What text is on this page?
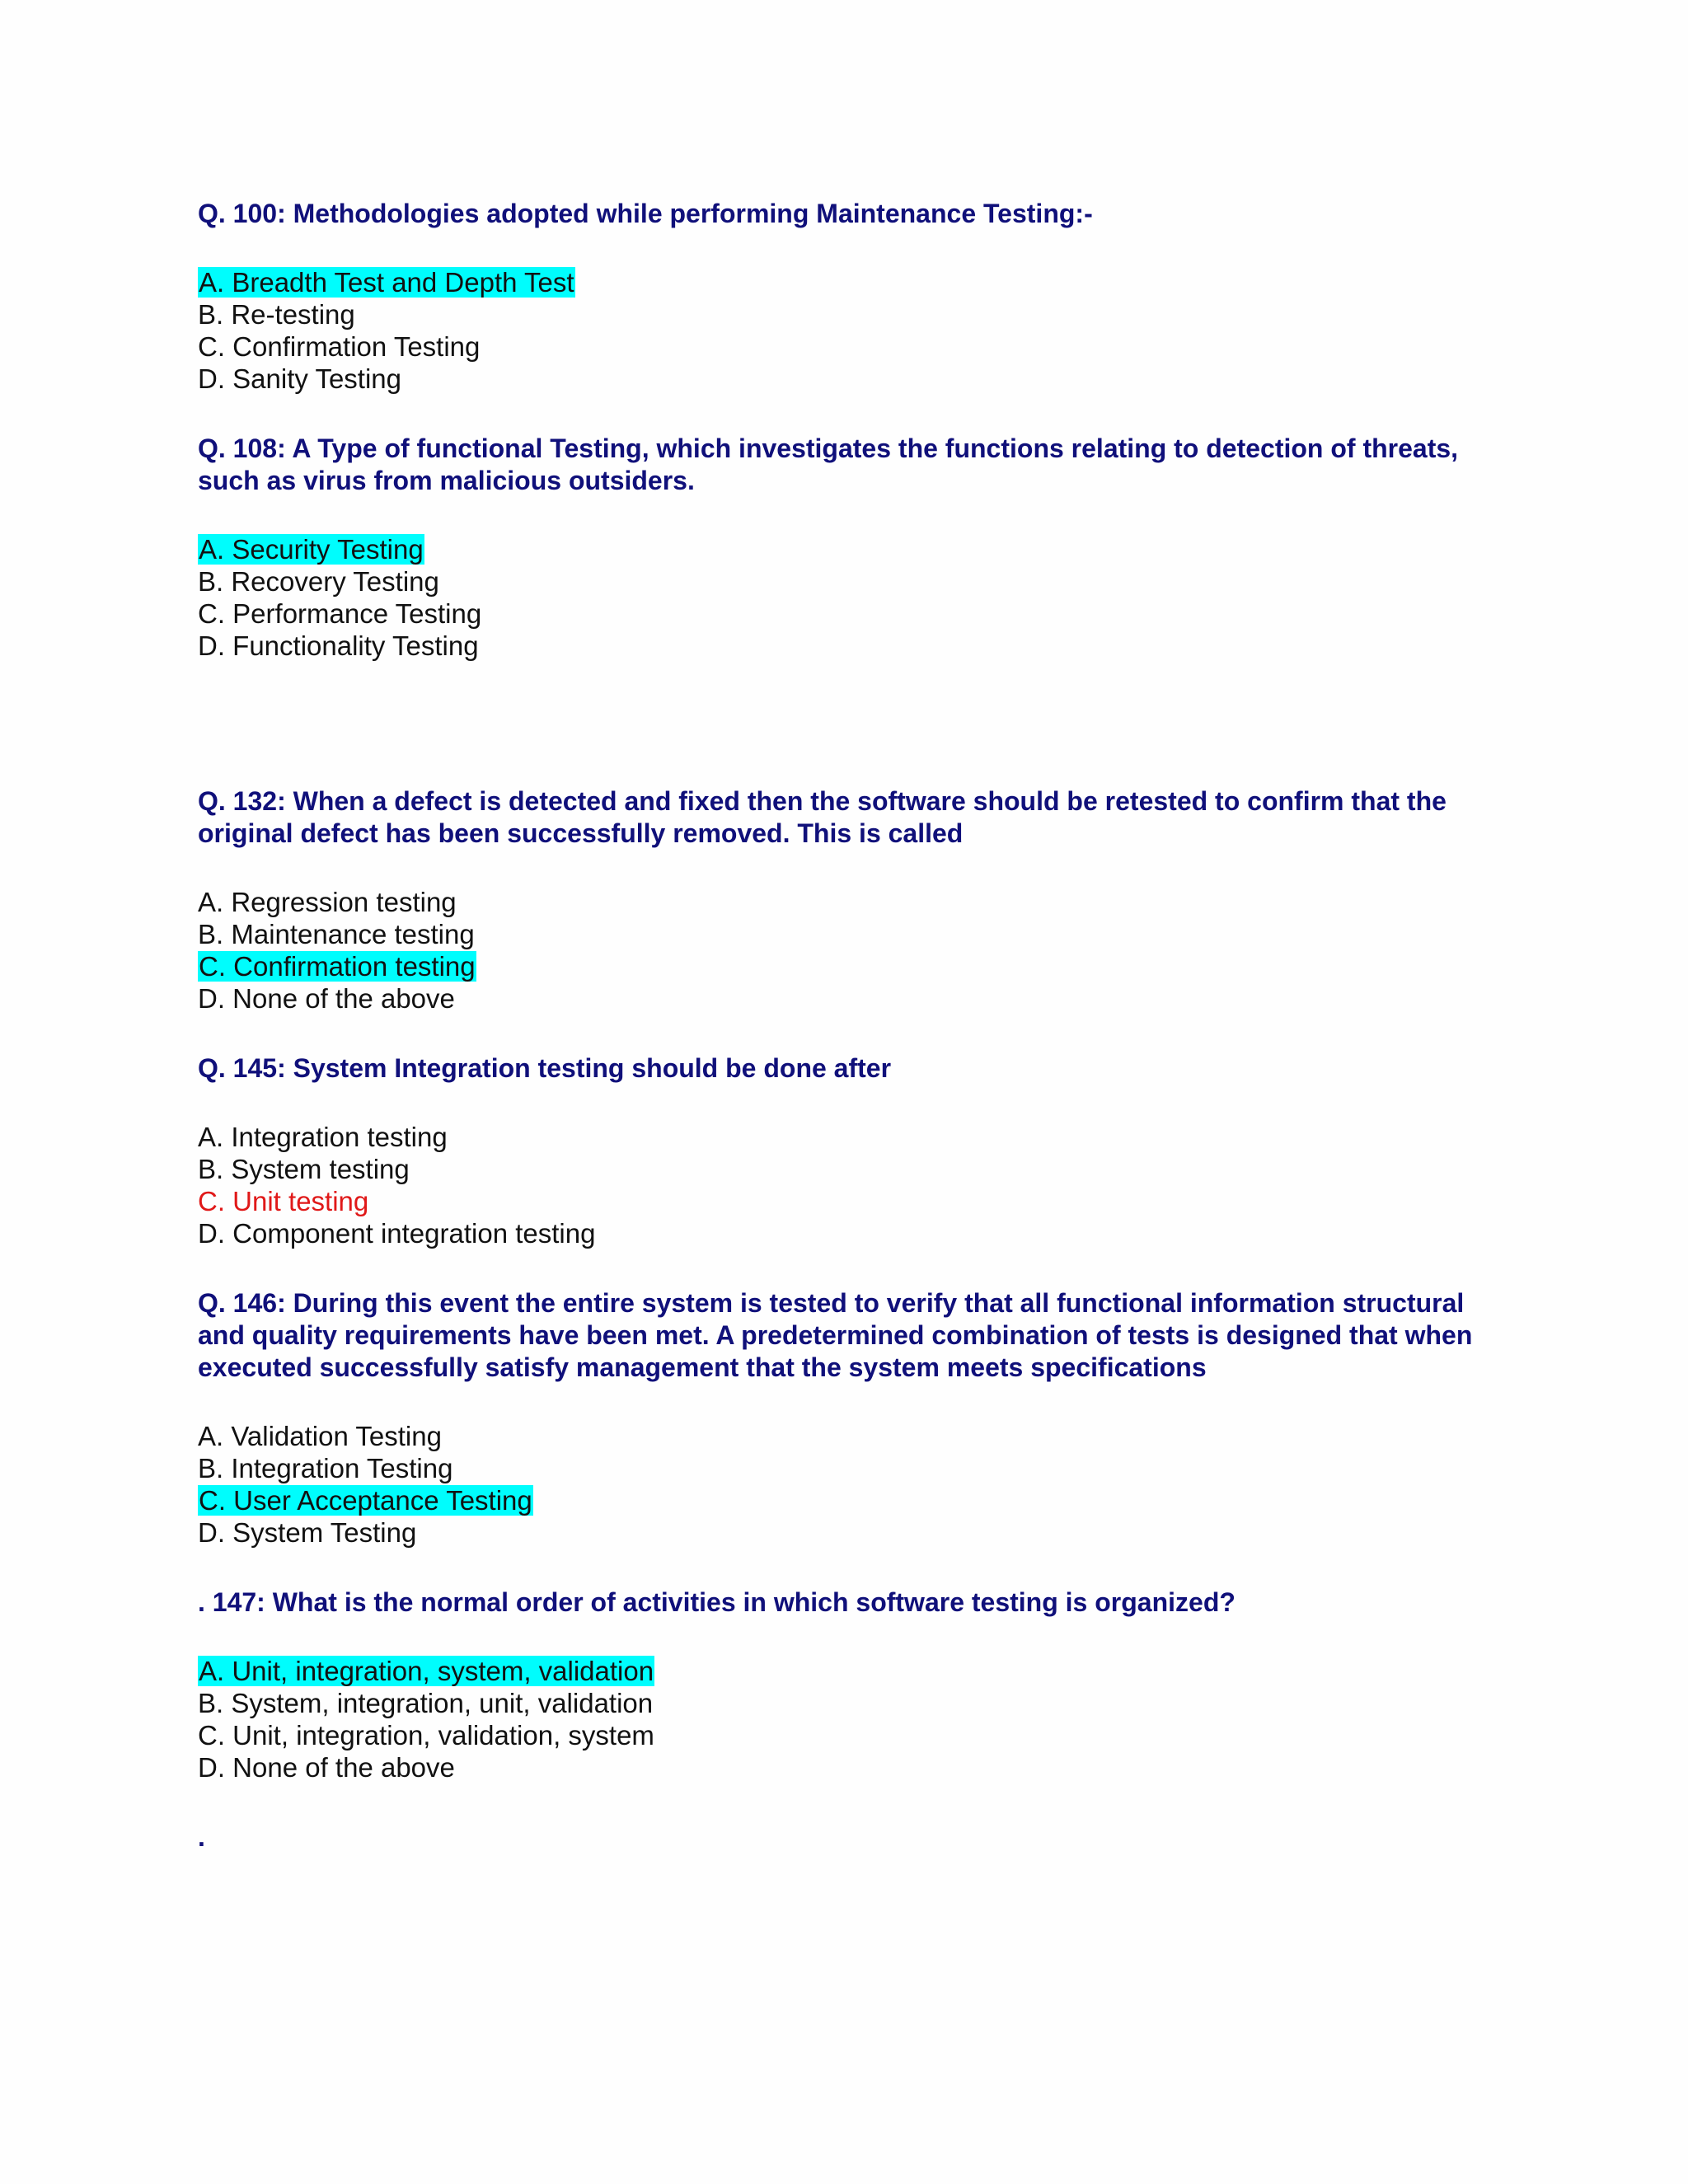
Q. 100: Methodologies adopted while performing Maintenance Testing:-

A. Breadth Test and Depth Test
B. Re-testing
C. Confirmation Testing
D. Sanity Testing

Q. 108: A Type of functional Testing, which investigates the functions relating to detection of threats, such as virus from malicious outsiders.

A. Security Testing
B. Recovery Testing
C. Performance Testing
D. Functionality Testing

Q. 132: When a defect is detected and fixed then the software should be retested to confirm that the original defect has been successfully removed. This is called

A. Regression testing
B. Maintenance testing
C. Confirmation testing
D. None of the above

Q. 145: System Integration testing should be done after

A. Integration testing
B. System testing
C. Unit testing
D. Component integration testing

Q. 146: During this event the entire system is tested to verify that all functional information structural and quality requirements have been met. A predetermined combination of tests is designed that when executed successfully satisfy management that the system meets specifications

A. Validation Testing
B. Integration Testing
C. User Acceptance Testing
D. System Testing

. 147: What is the normal order of activities in which software testing is organized?

A. Unit, integration, system, validation
B. System, integration, unit, validation
C. Unit, integration, validation, system
D. None of the above
.
